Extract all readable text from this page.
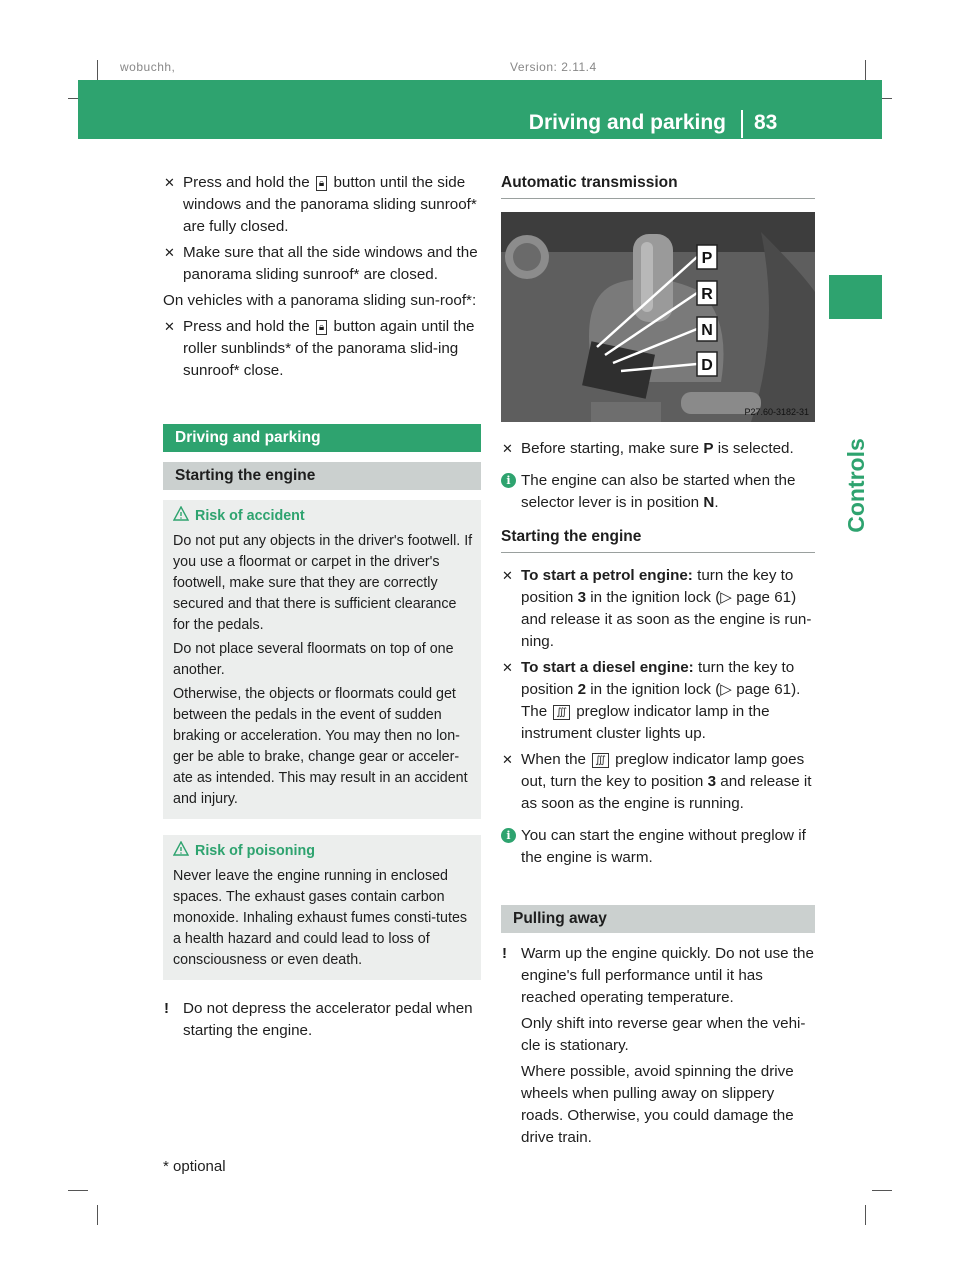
wobuchh,	Version: 2.11.4
Driving and parking 83
Controls
✕ Press and hold the 🔒︎ button until the side windows and the panorama sliding sunroof* are fully closed.
✕ Make sure that all the side windows and the panorama sliding sunroof* are closed.
On vehicles with a panorama sliding sun-roof*:
✕ Press and hold the 🔒︎ button again until the roller sunblinds* of the panorama slid-ing sunroof* close.
Driving and parking
Starting the engine
Risk of accident

Do not put any objects in the driver's footwell. If you use a floormat or carpet in the driver's footwell, make sure that they are correctly secured and that there is sufficient clearance for the pedals.

Do not place several floormats on top of one another.

Otherwise, the objects or floormats could get between the pedals in the event of sudden braking or acceleration. You may then no lon-ger be able to brake, change gear or acceler-ate as intended. This may result in an accident and injury.

Risk of poisoning

Never leave the engine running in enclosed spaces. The exhaust gases contain carbon monoxide. Inhaling exhaust fumes consti-tutes a health hazard and could lead to loss of consciousness or even death.

! Do not depress the accelerator pedal when starting the engine.
Automatic transmission
P
R
N
D
P27.60-3182-31
✕ Before starting, make sure P is selected.
i The engine can also be started when the selector lever is in position N.
Starting the engine
✕ To start a petrol engine: turn the key to position 3 in the ignition lock (▷ page 61) and release it as soon as the engine is run-ning.
✕ To start a diesel engine: turn the key to position 2 in the ignition lock (▷ page 61). The ∭ preglow indicator lamp in the instrument cluster lights up.
✕ When the ∭ preglow indicator lamp goes out, turn the key to position 3 and release it as soon as the engine is running.
i You can start the engine without preglow if the engine is warm.
Pulling away
! Warm up the engine quickly. Do not use the engine's full performance until it has reached operating temperature.
Only shift into reverse gear when the vehi-cle is stationary.
Where possible, avoid spinning the drive wheels when pulling away on slippery roads. Otherwise, you could damage the drive train.
* optional
